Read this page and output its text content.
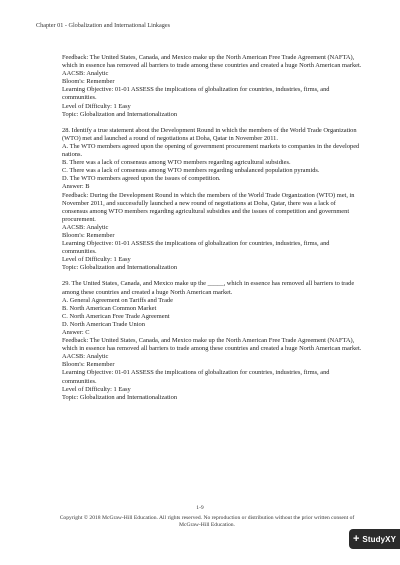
Chapter 01 - Globalization and International Linkages

Feedback: The United States, Canada, and Mexico make up the North American Free Trade Agreement (NAFTA), which in essence has removed all barriers to trade among these countries and created a huge North American market.

AACSB: Analytic

Bloom's: Remember

Learning Objective: 01-01 ASSESS the implications of globalization for countries, industries, firms, and communities.

Level of Difficulty: 1 Easy

Topic: Globalization and Internationalization

28. Identify a true statement about the Development Round in which the members of the World Trade Organization (WTO) met and launched a round of negotiations at Doha, Qatar in November 2011.

A. The WTO members agreed upon the opening of government procurement markets to companies in the developed nations.

B. There was a lack of consensus among WTO members regarding agricultural subsidies.

C. There was a lack of consensus among WTO members regarding unbalanced population pyramids.

D. The WTO members agreed upon the issues of competition.

Answer: B

Feedback: During the Development Round in which the members of the World Trade Organization (WTO) met, in November 2011, and successfully launched a new round of negotiations at Doha, Qatar, there was a lack of consensus among WTO members regarding agricultural subsidies and the issues of competition and government procurement.

AACSB: Analytic

Bloom's: Remember

Learning Objective: 01-01 ASSESS the implications of globalization for countries, industries, firms, and communities.

Level of Difficulty: 1 Easy

Topic: Globalization and Internationalization

29. The United States, Canada, and Mexico make up the _____, which in essence has removed all barriers to trade among these countries and created a huge North American market.

A. General Agreement on Tariffs and Trade

B. North American Common Market

C. North American Free Trade Agreement

D. North American Trade Union

Answer: C

Feedback: The United States, Canada, and Mexico make up the North American Free Trade Agreement (NAFTA), which in essence has removed all barriers to trade among these countries and created a huge North American market.

AACSB: Analytic

Bloom's: Remember

Learning Objective: 01-01 ASSESS the implications of globalization for countries, industries, firms, and communities.

Level of Difficulty: 1 Easy

Topic: Globalization and Internationalization

1-9
Copyright © 2018 McGraw-Hill Education. All rights reserved. No reproduction or distribution without the prior written consent of McGraw-Hill Education.
+ StudyXY
